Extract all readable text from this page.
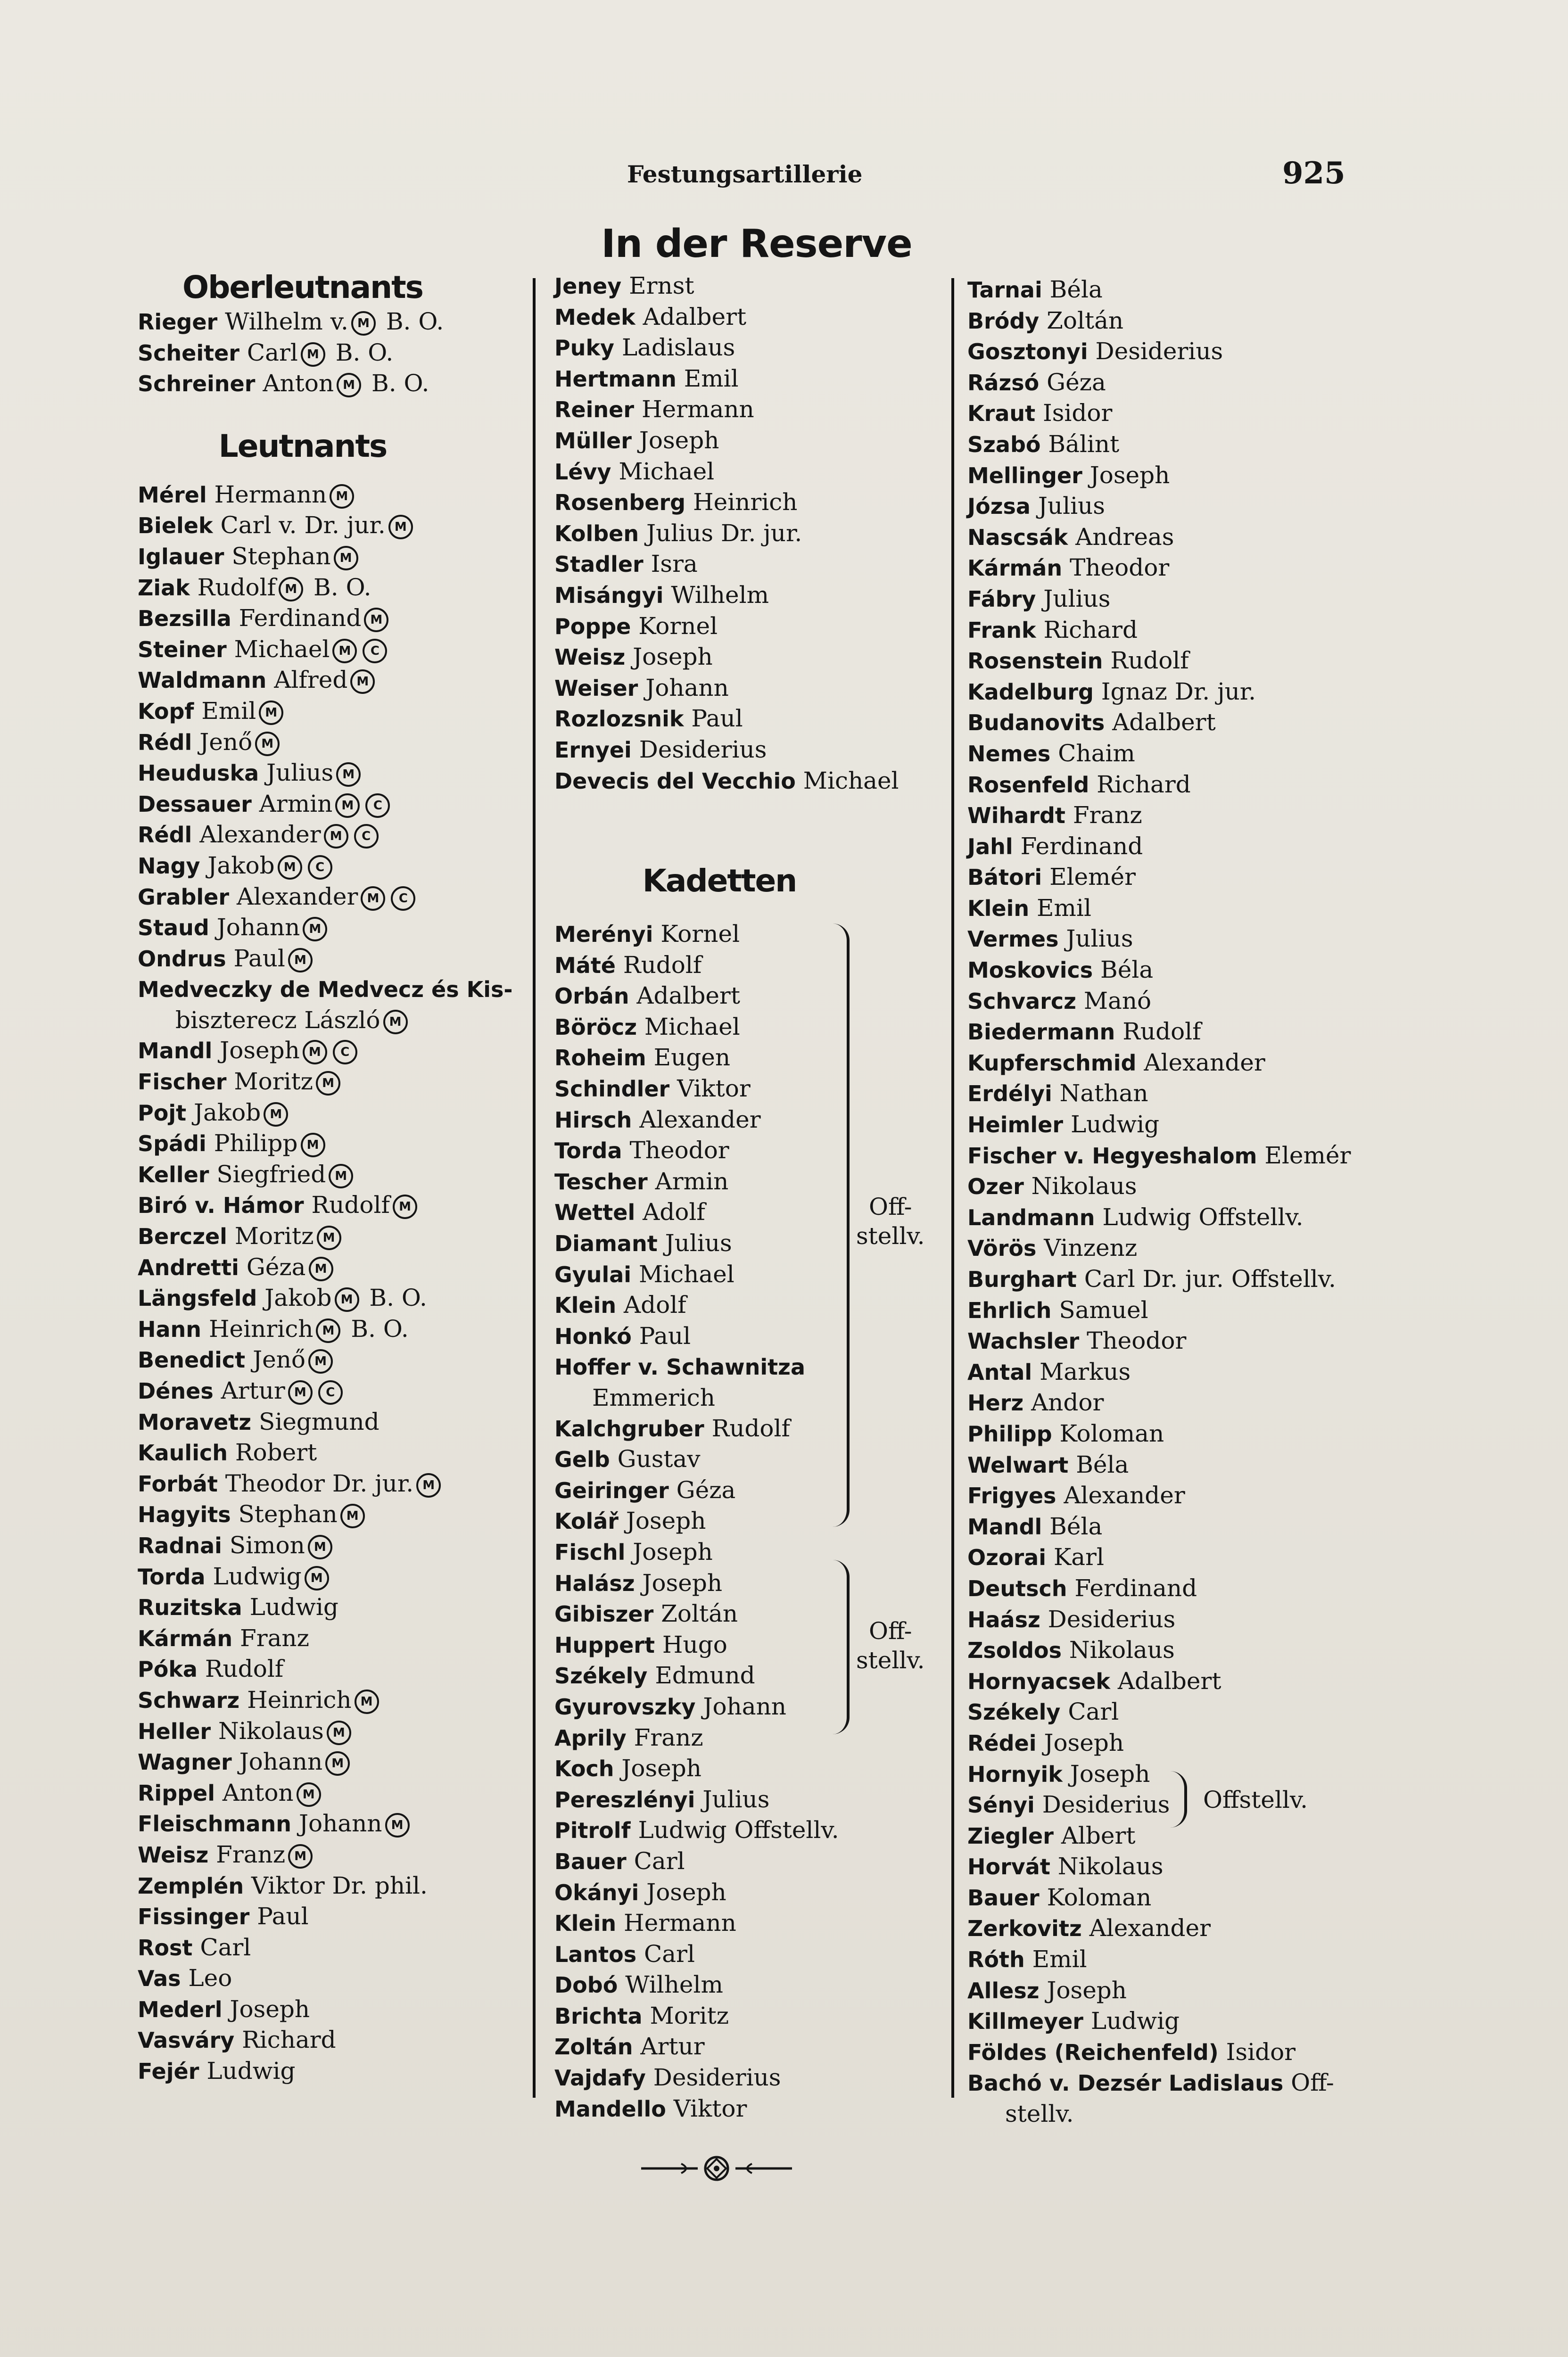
Festungsartillerie	925
In der Reserve
Oberleutnants
Rieger Wilhelm v. M B. O.
Scheiter Carl M B. O.
Schreiner Anton M B. O.
Leutnants
Mérel Hermann M
Bielek Carl v. Dr. jur. M
Iglauer Stephan M
Ziak Rudolf M B. O.
Bezsilla Ferdinand M
Steiner Michael M C
Waldmann Alfred M
Kopf Emil M
Rédl Jenő M
Heuduska Julius M
Dessauer Armin M C
Rédl Alexander M C
Nagy Jakob M C
Grabler Alexander M C
Staud Johann M
Ondrus Paul M
Medveczky de Medvecz és Kis-
biszterecz László M
Mandl Joseph M C
Fischer Moritz M
Pojt Jakob M
Spádi Philipp M
Keller Siegfried M
Biró v. Hámor Rudolf M
Berczel Moritz M
Andretti Géza M
Längsfeld Jakob M B. O.
Hann Heinrich M B. O.
Benedict Jenő M
Dénes Artur M C
Moravetz Siegmund
Kaulich Robert
Forbát Theodor Dr. jur. M
Hagyits Stephan M
Radnai Simon M
Torda Ludwig M
Ruzitska Ludwig
Kármán Franz
Póka Rudolf
Schwarz Heinrich M
Heller Nikolaus M
Wagner Johann M
Rippel Anton M
Fleischmann Johann M
Weisz Franz M
Zemplén Viktor Dr. phil.
Fissinger Paul
Rost Carl
Vas Leo
Mederl Joseph
Vasváry Richard
Fejér Ludwig
Jeney Ernst
Medek Adalbert
Puky Ladislaus
Hertmann Emil
Reiner Hermann
Müller Joseph
Lévy Michael
Rosenberg Heinrich
Kolben Julius Dr. jur.
Stadler Isra
Misángyi Wilhelm
Poppe Kornel
Weisz Joseph
Weiser Johann
Rozlozsnik Paul
Ernyei Desiderius
Devecis del Vecchio Michael
Kadetten
Merényi Kornel
Máté Rudolf
Orbán Adalbert
Böröcz Michael
Roheim Eugen
Schindler Viktor
Hirsch Alexander
Torda Theodor
Tescher Armin
Wettel Adolf
Diamant Julius
Gyulai Michael
Klein Adolf
Honkó Paul
Hoffer v. Schawnitza
Emmerich
Kalchgruber Rudolf
Gelb Gustav
Geiringer Géza
Kolář Joseph
Fischl Joseph
Halász Joseph
Gibiszer Zoltán
Huppert Hugo
Székely Edmund
Gyurovszky Johann
Aprily Franz
Koch Joseph
Pereszlényi Julius
Pitrolf Ludwig Offstellv.
Bauer Carl
Okányi Joseph
Klein Hermann
Lantos Carl
Dobó Wilhelm
Brichta Moritz
Zoltán Artur
Vajdafy Desiderius
Mandello Viktor
Off-
stellv.
Off-
stellv.
Tarnai Béla
Bródy Zoltán
Gosztonyi Desiderius
Rázsó Géza
Kraut Isidor
Szabó Bálint
Mellinger Joseph
Józsa Julius
Nascsák Andreas
Kármán Theodor
Fábry Julius
Frank Richard
Rosenstein Rudolf
Kadelburg Ignaz Dr. jur.
Budanovits Adalbert
Nemes Chaim
Rosenfeld Richard
Wihardt Franz
Jahl Ferdinand
Bátori Elemér
Klein Emil
Vermes Julius
Moskovics Béla
Schvarcz Manó
Biedermann Rudolf
Kupferschmid Alexander
Erdélyi Nathan
Heimler Ludwig
Fischer v. Hegyeshalom Elemér
Ozer Nikolaus
Landmann Ludwig Offstellv.
Vörös Vinzenz
Burghart Carl Dr. jur. Offstellv.
Ehrlich Samuel
Wachsler Theodor
Antal Markus
Herz Andor
Philipp Koloman
Welwart Béla
Frigyes Alexander
Mandl Béla
Ozorai Karl
Deutsch Ferdinand
Haász Desiderius
Zsoldos Nikolaus
Hornyacsek Adalbert
Székely Carl
Rédei Joseph
Hornyik Joseph
Sényi Desiderius
Ziegler Albert
Horvát Nikolaus
Bauer Koloman
Zerkovitz Alexander
Róth Emil
Allesz Joseph
Killmeyer Ludwig
Földes (Reichenfeld) Isidor
Bachó v. Dezsér Ladislaus Off-
stellv.
Offstellv.
